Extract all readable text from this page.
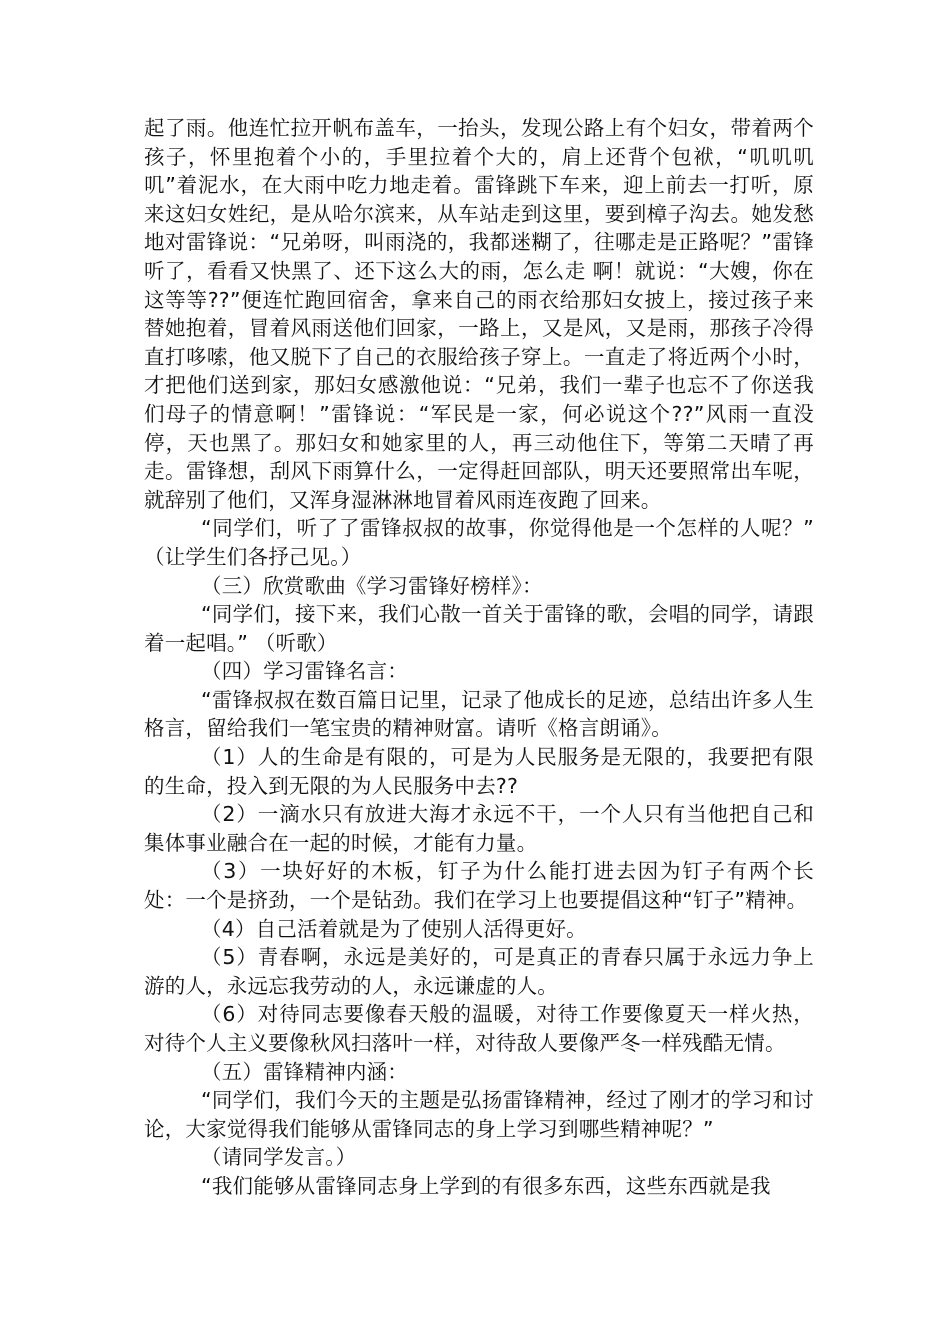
起了雨。他连忙拉开帆布盖车，一抬头，发现公路上有个妇女，带着两个孩子，怀里抱着个小的，手里拉着个大的，肩上还背个包袱，“叽叽叽叽”着泥水，在大雨中吃力地走着。雷锋跳下车来，迎上前去一打听，原来这妇女姓纪，是从哈尔滨来，从车站走到这里，要到樟子沟去。她发愁地对雷锋说：“兄弟呀，叫雨浇的，我都迷糊了，往哪走是正路呢？”雷锋听了，看看又快黑了、还下这么大的雨，怎么走 啊！就说：“大嫂，你在这等等??”便连忙跑回宿舍，拿来自己的雨衣给那妇女披上，接过孩子来替她抱着，冒着风雨送他们回家，一路上，又是风，又是雨，那孩子冷得直打哆嗦，他又脱下了自己的衣服给孩子穿上。一直走了将近两个小时，才把他们送到家，那妇女感激他说：“兄弟，我们一辈子也忘不了你送我们母子的情意啊！”雷锋说：“军民是一家，何必说这个??”风雨一直没停，天也黑了。那妇女和她家里的人，再三动他住下，等第二天晴了再走。雷锋想，刮风下雨算什么，一定得赶回部队，明天还要照常出车呢，就辞别了他们，又浑身湿淋淋地冒着风雨连夜跑了回来。

“同学们，听了了雷锋叔叔的故事，你觉得他是一个怎样的人呢？” （让学生们各抒己见。）

（三）欣赏歌曲《学习雷锋好榜样》：

“同学们，接下来，我们心散一首关于雷锋的歌，会唱的同学，请跟着一起唱。” （听歌）

（四）学习雷锋名言：

“雷锋叔叔在数百篇日记里，记录了他成长的足迹，总结出许多人生格言，留给我们一笔宝贵的精神财富。请听《格言朗诵》。

（1）人的生命是有限的，可是为人民服务是无限的，我要把有限的生命，投入到无限的为人民服务中去??

（2）一滴水只有放进大海才永远不干，一个人只有当他把自己和集体事业融合在一起的时候，才能有力量。

（3）一块好好的木板，钉子为什么能打进去因为钉子有两个长处：一个是挤劲，一个是钻劲。我们在学习上也要提倡这种“钉子”精神。

（4）自己活着就是为了使别人活得更好。

（5）青春啊，永远是美好的，可是真正的青春只属于永远力争上游的人，永远忘我劳动的人，永远谦虚的人。

（6）对待同志要像春天般的温暖，对待工作要像夏天一样火热，对待个人主义要像秋风扫落叶一样，对待敌人要像严冬一样残酷无情。

（五）雷锋精神内涵：

“同学们，我们今天的主题是弘扬雷锋精神，经过了刚才的学习和讨论，大家觉得我们能够从雷锋同志的身上学习到哪些精神呢？”

（请同学发言。）

“我们能够从雷锋同志身上学到的有很多东西，这些东西就是我
